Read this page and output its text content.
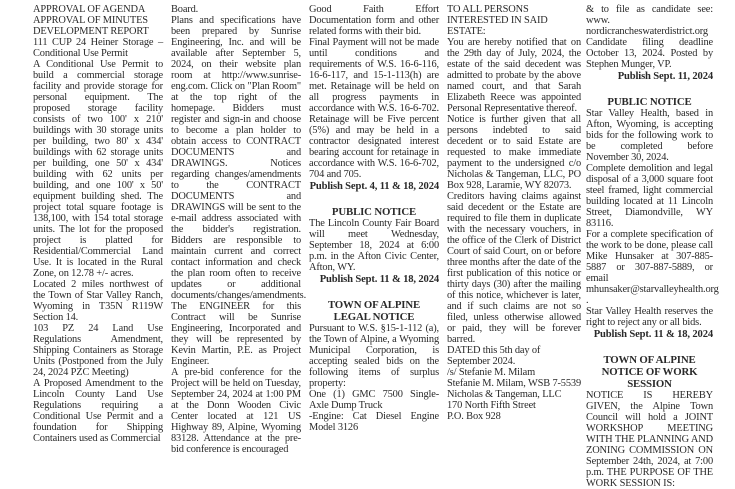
APPROVAL OF AGENDA

APPROVAL OF MINUTES

DEVELOPMENT REPORT

111 CUP 24 Heiner Storage – Conditional Use Permit

A Conditional Use Permit to build a commercial storage facility and provide storage for personal equipment. The proposed storage facility consists of two 100' x 210' buildings with 30 storage units per building, two 80' x 434' buildings with 62 storage units per building, one 50' x 434' building with 62 units per building, and one 100' x 50' equipment building shed. The project total square footage is 138,100, with 154 total storage units. The lot for the proposed project is platted for Residential/Commercial Land Use. It is located in the Rural Zone, on 12.78 +/- acres.

Located 2 miles northwest of the Town of Star Valley Ranch, Wyoming in T35N R119W Section 14.

103 PZ 24 Land Use Regulations Amendment, Shipping Containers as Storage Units (Postponed from the July 24, 2024 PZC Meeting)

A Proposed Amendment to the Lincoln County Land Use Regulations requiring a Conditional Use Permit and a foundation for Shipping Containers used as Commercial

Board.

Plans and specifications have been prepared by Sunrise Engineering, Inc. and will be available after September 5, 2024, on their website plan room at http://www.sunrise-eng.com. Click on "Plan Room" at the top right of the homepage. Bidders must register and sign-in and choose to become a plan holder to obtain access to CONTRACT DOCUMENTS and DRAWINGS. Notices regarding changes/amendments to the CONTRACT DOCUMENTS and DRAWINGS will be sent to the e-mail address associated with the bidder's registration. Bidders are responsible to maintain current and correct contact information and check the plan room often to receive updates or additional documents/changes/amendments. The ENGINEER for this Contract will be Sunrise Engineering, Incorporated and they will be represented by Kevin Martin, P.E. as Project Engineer.

A pre-bid conference for the Project will be held on Tuesday, September 24, 2024 at 1:00 PM at the Donn Wooden Civic Center located at 121 US Highway 89, Alpine, Wyoming 83128. Attendance at the pre-bid conference is encouraged

Good Faith Effort Documentation form and other related forms with their bid.

Final Payment will not be made until conditions and requirements of W.S. 16-6-116, 16-6-117, and 15-1-113(h) are met. Retainage will be held on all progress payments in accordance with W.S. 16-6-702. Retainage will be Five percent (5%) and may be held in a contractor designated interest bearing account for retainage in accordance with W.S. 16-6-702, 704 and 705.

Publish Sept. 4, 11 & 18, 2024

PUBLIC NOTICE

The Lincoln County Fair Board will meet Wednesday, September 18, 2024 at 6:00 p.m. in the Afton Civic Center, Afton, WY.

Publish Sept. 11 & 18, 2024

TOWN OF ALPINE

LEGAL NOTICE

Pursuant to W.S. §15-1-112 (a), the Town of Alpine, a Wyoming Municipal Corporation, is accepting sealed bids on the following items of surplus property:

One (1) GMC 7500 Single-Axle Dump Truck

-Engine: Cat Diesel Engine Model 3126

TO ALL PERSONS INTERESTED IN SAID ESTATE:

You are hereby notified that on the 29th day of July, 2024, the estate of the said decedent was admitted to probate by the above named court, and that Sarah Elizabeth Reece was appointed Personal Representative thereof.

Notice is further given that all persons indebted to said decedent or to said Estate are requested to make immediate payment to the undersigned c/o Nicholas & Tangeman, LLC, PO Box 928, Laramie, WY 82073.

Creditors having claims against said decedent or the Estate are required to file them in duplicate with the necessary vouchers, in the office of the Clerk of District Court of said Court, on or before three months after the date of the first publication of this notice or thirty days (30) after the mailing of this notice, whichever is later, and if such claims are not so filed, unless otherwise allowed or paid, they will be forever barred.

DATED this 5th day of September 2024.

/s/ Stefanie M. Milam

Stefanie M. Milam, WSB 7-5539

Nicholas & Tangeman, LLC

170 North Fifth Street

P.O. Box 928

& to file as candidate see: www. nordicrancheswaterdistrict.org Candidate filing deadline October 13, 2024. Posted by Stephen Munger, VP.

Publish Sept. 11, 2024

PUBLIC NOTICE

Star Valley Health, based in Afton, Wyoming, is accepting bids for the following work to be completed before November 30, 2024.

Complete demolition and legal disposal of a 3,000 square foot steel framed, light commercial building located at 11 Lincoln Street, Diamondville, WY 83116.

For a complete specification of the work to be done, please call Mike Hunsaker at 307-885-5887 or 307-887-5889, or email mhunsaker@starvalleyhealth.org .

Star Valley Health reserves the right to reject any or all bids.

Publish Sept. 11 & 18, 2024

TOWN OF ALPINE

NOTICE OF WORK SESSION

NOTICE IS HEREBY GIVEN, the Alpine Town Council will hold a JOINT WORKSHOP MEETING WITH THE PLANNING AND ZONING COMMISSION ON September 24th, 2024, at 7:00 p.m. THE PURPOSE OF THE WORK SESSION IS:
